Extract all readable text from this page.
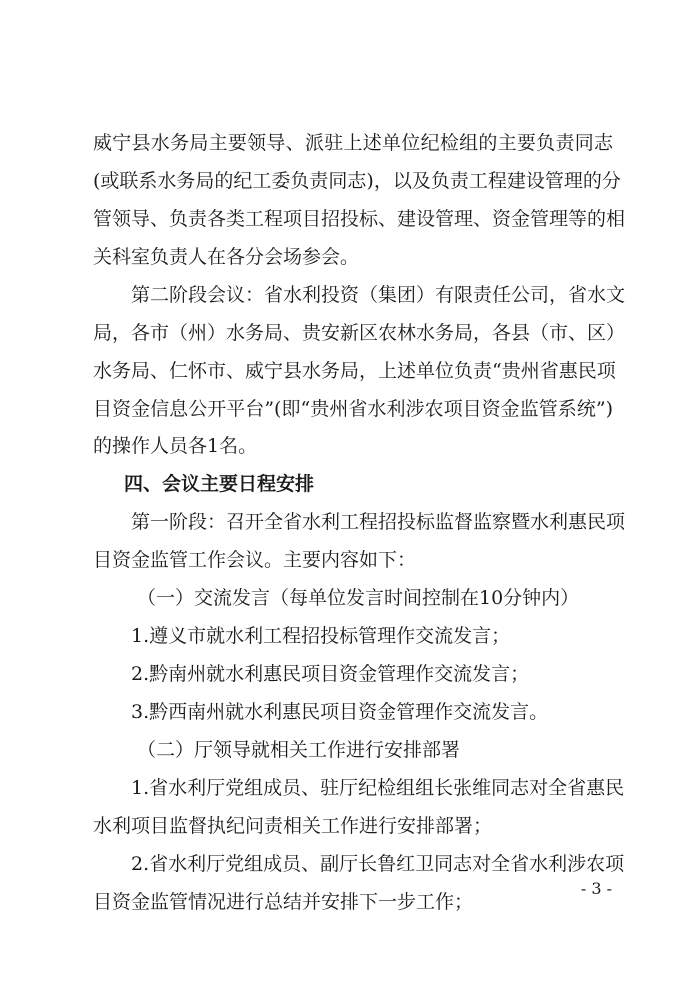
威宁县水务局主要领导、派驻上述单位纪检组的主要负责同志
(或联系水务局的纪工委负责同志)，以及负责工程建设管理的分
管领导、负责各类工程项目招投标、建设管理、资金管理等的相
关科室负责人在各分会场参会。
第二阶段会议：省水利投资（集团）有限责任公司，省水文
局，各市（州）水务局、贵安新区农林水务局，各县（市、区）
水务局、仁怀市、威宁县水务局，上述单位负责“贵州省惠民项
目资金信息公开平台”(即“贵州省水利涉农项目资金监管系统”)
的操作人员各1名。
四、会议主要日程安排
第一阶段：召开全省水利工程招投标监督监察暨水利惠民项
目资金监管工作会议。主要内容如下：
（一）交流发言（每单位发言时间控制在10分钟内）
1.遵义市就水利工程招投标管理作交流发言；
2.黔南州就水利惠民项目资金管理作交流发言；
3.黔西南州就水利惠民项目资金管理作交流发言。
（二）厅领导就相关工作进行安排部署
1.省水利厅党组成员、驻厅纪检组组长张维同志对全省惠民
水利项目监督执纪问责相关工作进行安排部署；
2.省水利厅党组成员、副厅长鲁红卫同志对全省水利涉农项
目资金监管情况进行总结并安排下一步工作；
- 3 -
